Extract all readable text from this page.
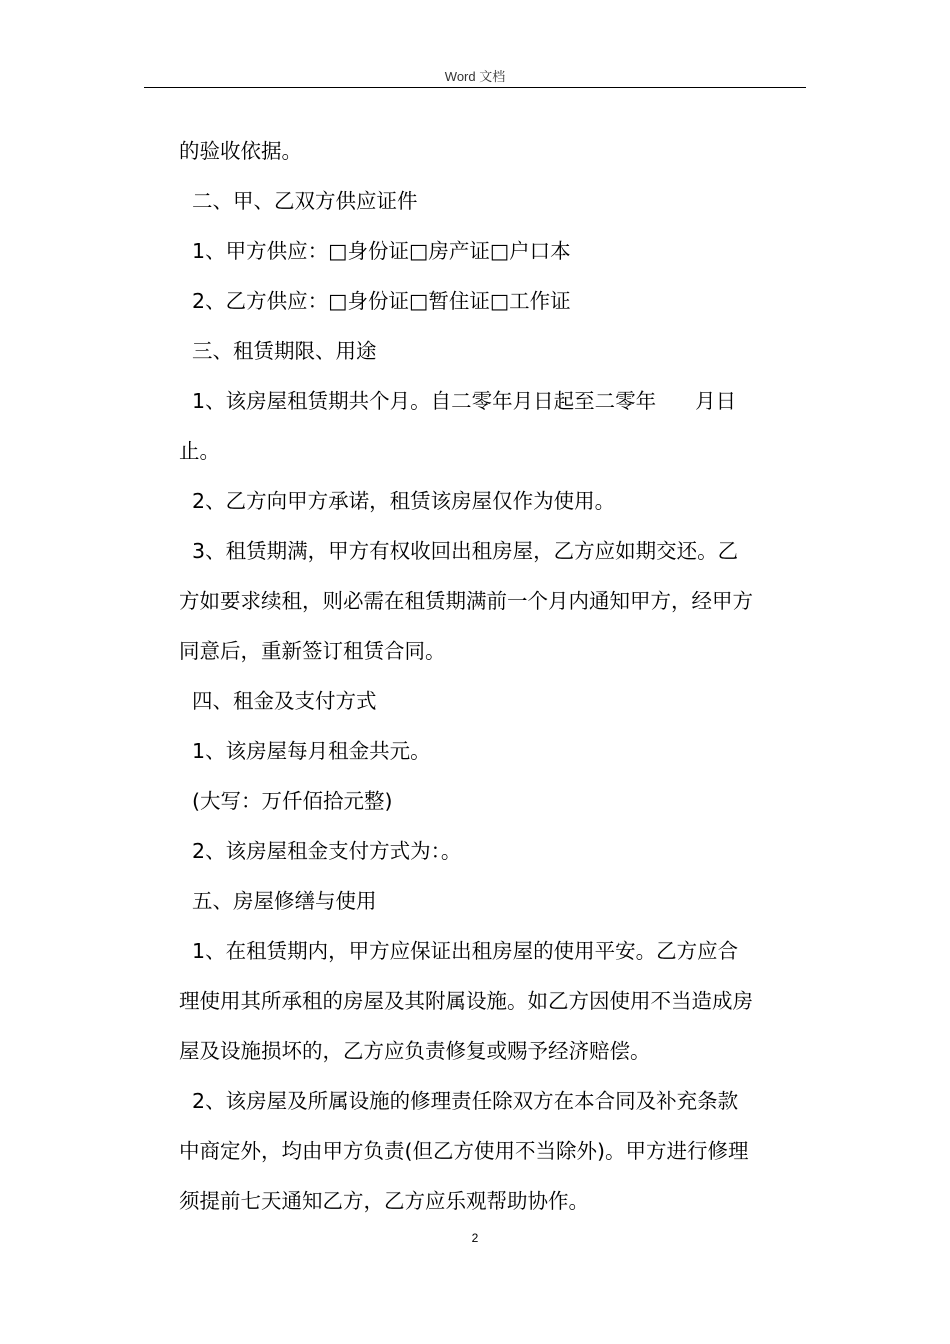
Word 文档
的验收依据。
二、甲、乙双方供应证件
1、甲方供应：□身份证□房产证□户口本
2、乙方供应：□身份证□暂住证□工作证
三、租赁期限、用途
1、该房屋租赁期共个月。自二零年月日起至二零年      月日
止。
2、乙方向甲方承诺，租赁该房屋仅作为使用。
3、租赁期满，甲方有权收回出租房屋，乙方应如期交还。乙
方如要求续租，则必需在租赁期满前一个月内通知甲方，经甲方
同意后，重新签订租赁合同。
四、租金及支付方式
1、该房屋每月租金共元。
(大写：万仟佰拾元整)
2、该房屋租金支付方式为：。
五、房屋修缮与使用
1、在租赁期内，甲方应保证出租房屋的使用平安。乙方应合
理使用其所承租的房屋及其附属设施。如乙方因使用不当造成房
屋及设施损坏的，乙方应负责修复或赐予经济赔偿。
2、该房屋及所属设施的修理责任除双方在本合同及补充条款
中商定外，均由甲方负责(但乙方使用不当除外)。甲方进行修理
须提前七天通知乙方，乙方应乐观帮助协作。
2
